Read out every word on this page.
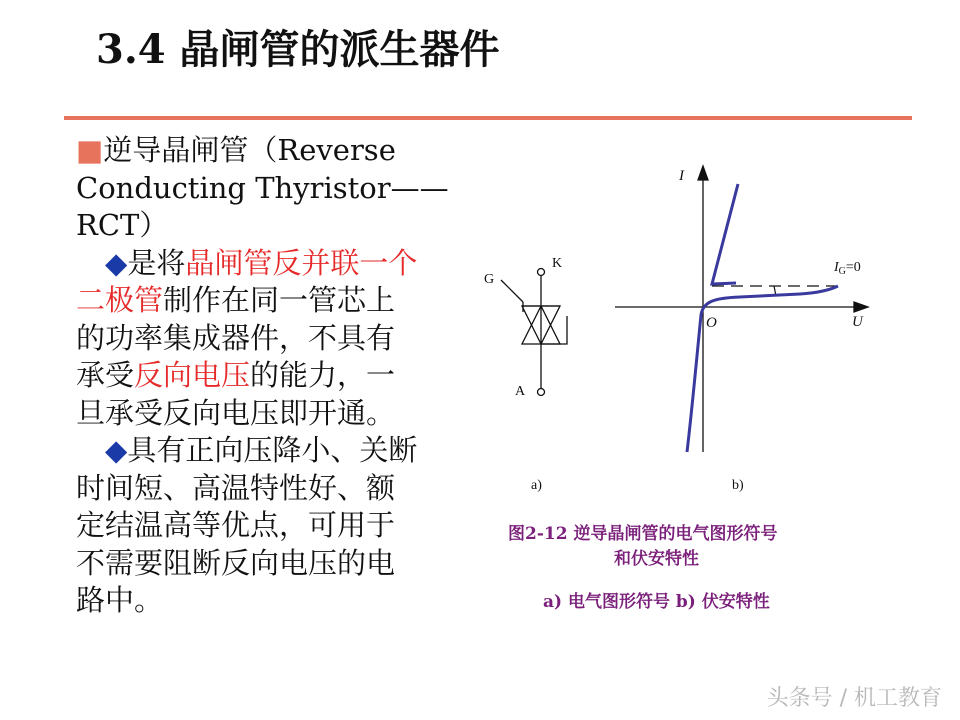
3.4 晶闸管的派生器件

■逆导晶闸管（Reverse
Conducting Thyristor——
RCT）

　◆是将晶闸管反并联一个
二极管制作在同一管芯上
的功率集成器件，不具有
承受反向电压的能力，一
旦承受反向电压即开通。

　◆具有正向压降小、关断
时间短、高温特性好、额
定结温高等优点，可用于
不需要阻断反向电压的电
路中。

K
G
A
a)
I
U
O
$I_G=0$
b)
图2-12 逆导晶闸管的电气图形符号
和伏安特性
a) 电气图形符号 b) 伏安特性
头条号 / 机工教育
